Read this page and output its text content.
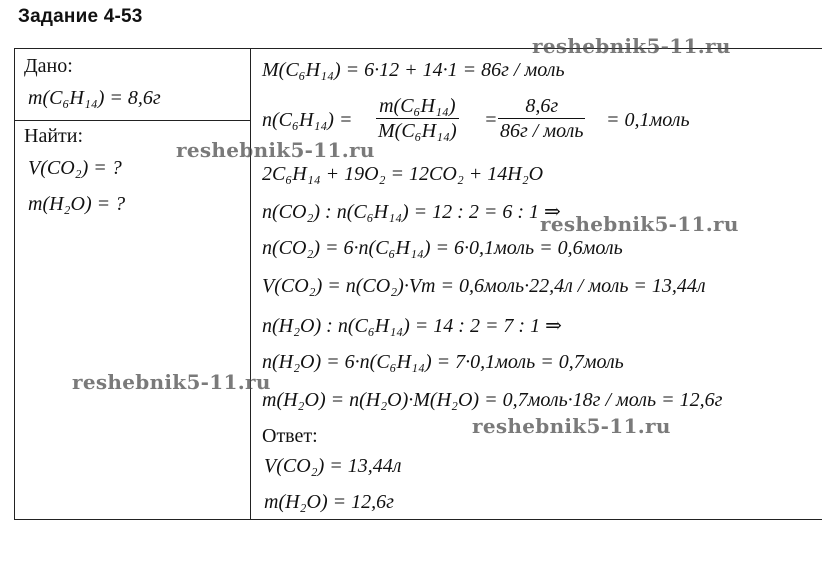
Задание 4-53
Дано:
m(C₆H₁₄) = 8,6г
Найти:
V(CO₂) = ?
m(H₂O) = ?
M(C₆H₁₄) = 6·12 + 14·1 = 86г / моль
$n(C_6H_{14}) = \frac{\text{m(C₆H₁₄)}}{\text{M(C₆H₁₄)}}$ =
8,6г
86г / моль = 0,1моль
2C₆H₁₄ + 19O₂ = 12CO₂ + 14H₂O
n(CO₂) : n(C₆H₁₄) = 12 : 2 = 6 : 1 ⇒
n(CO₂) = 6·n(C₆H₁₄) = 6·0,1моль = 0,6моль
V(CO₂) = n(CO₂)·Vm = 0,6моль·22,4л / моль = 13,44л
n(H₂O) : n(C₆H₁₄) = 14 : 2 = 7 : 1 ⇒
n(H₂O) = 6·n(C₆H₁₄) = 7·0,1моль = 0,7моль
m(H₂O) = n(H₂O)·M(H₂O) = 0,7моль·18г / моль = 12,6г
Ответ:
V(CO₂) = 13,44л
m(H₂O) = 12,6г
reshebnik5-11.ru
reshebnik5-11.ru
reshebnik5-11.ru
reshebnik5-11.ru
reshebnik5-11.ru
